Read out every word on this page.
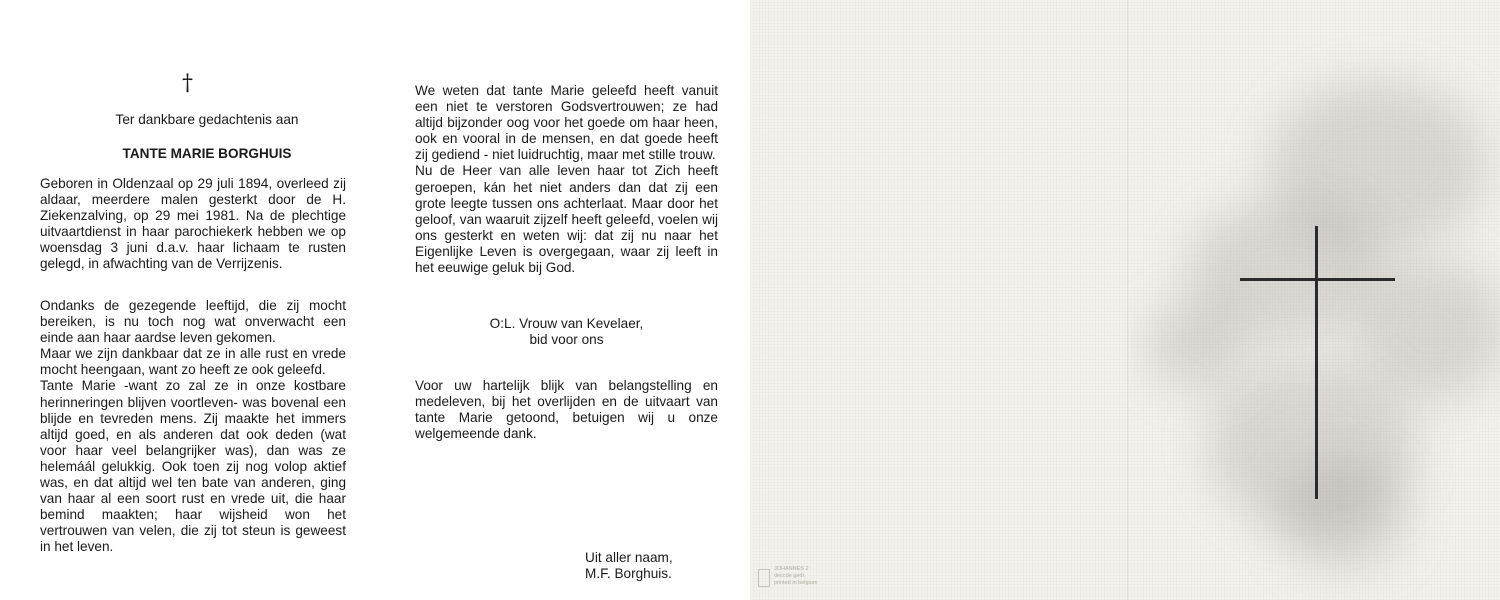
†
Ter dankbare gedachtenis aan
TANTE MARIE BORGHUIS
Geboren in Oldenzaal op 29 juli 1894, overleed zij aldaar, meerdere malen gesterkt door de H. Ziekenzalving, op 29 mei 1981. Na de plechtige uitvaartdienst in haar parochiekerk hebben we op woensdag 3 juni d.a.v. haar lichaam te rusten gelegd, in afwachting van de Verrijzenis.
Ondanks de gezegende leeftijd, die zij mocht bereiken, is nu toch nog wat onverwacht een einde aan haar aardse leven gekomen.
Maar we zijn dankbaar dat ze in alle rust en vrede mocht heengaan, want zo heeft ze ook geleefd.
Tante Marie -want zo zal ze in onze kostbare herinneringen blijven voortleven- was bovenal een blijde en tevreden mens. Zij maakte het immers altijd goed, en als anderen dat ook deden (wat voor haar veel belangrijker was), dan was ze helemáál gelukkig. Ook toen zij nog volop aktief was, en dat altijd wel ten bate van anderen, ging van haar al een soort rust en vrede uit, die haar bemind maakten; haar wijsheid won het vertrouwen van velen, die zij tot steun is geweest in het leven.
We weten dat tante Marie geleefd heeft vanuit een niet te verstoren Godsvertrouwen; ze had altijd bijzonder oog voor het goede om haar heen, ook en vooral in de mensen, en dat goede heeft zij gediend - niet luidruchtig, maar met stille trouw.
Nu de Heer van alle leven haar tot Zich heeft geroepen, kán het niet anders dan dat zij een grote leegte tussen ons achterlaat. Maar door het geloof, van waaruit zijzelf heeft geleefd, voelen wij ons gesterkt en weten wij: dat zij nu naar het Eigenlijke Leven is overgegaan, waar zij leeft in het eeuwige geluk bij God.
O:L. Vrouw van Kevelaer,
bid voor ons
Voor uw hartelijk blijk van belangstelling en medeleven, bij het overlijden en de uitvaart van tante Marie getoond, betuigen wij u onze welgemeende dank.
Uit aller naam,
M.F. Borghuis.	JOHANNES 2
deccde gedr.
printed in belgium
